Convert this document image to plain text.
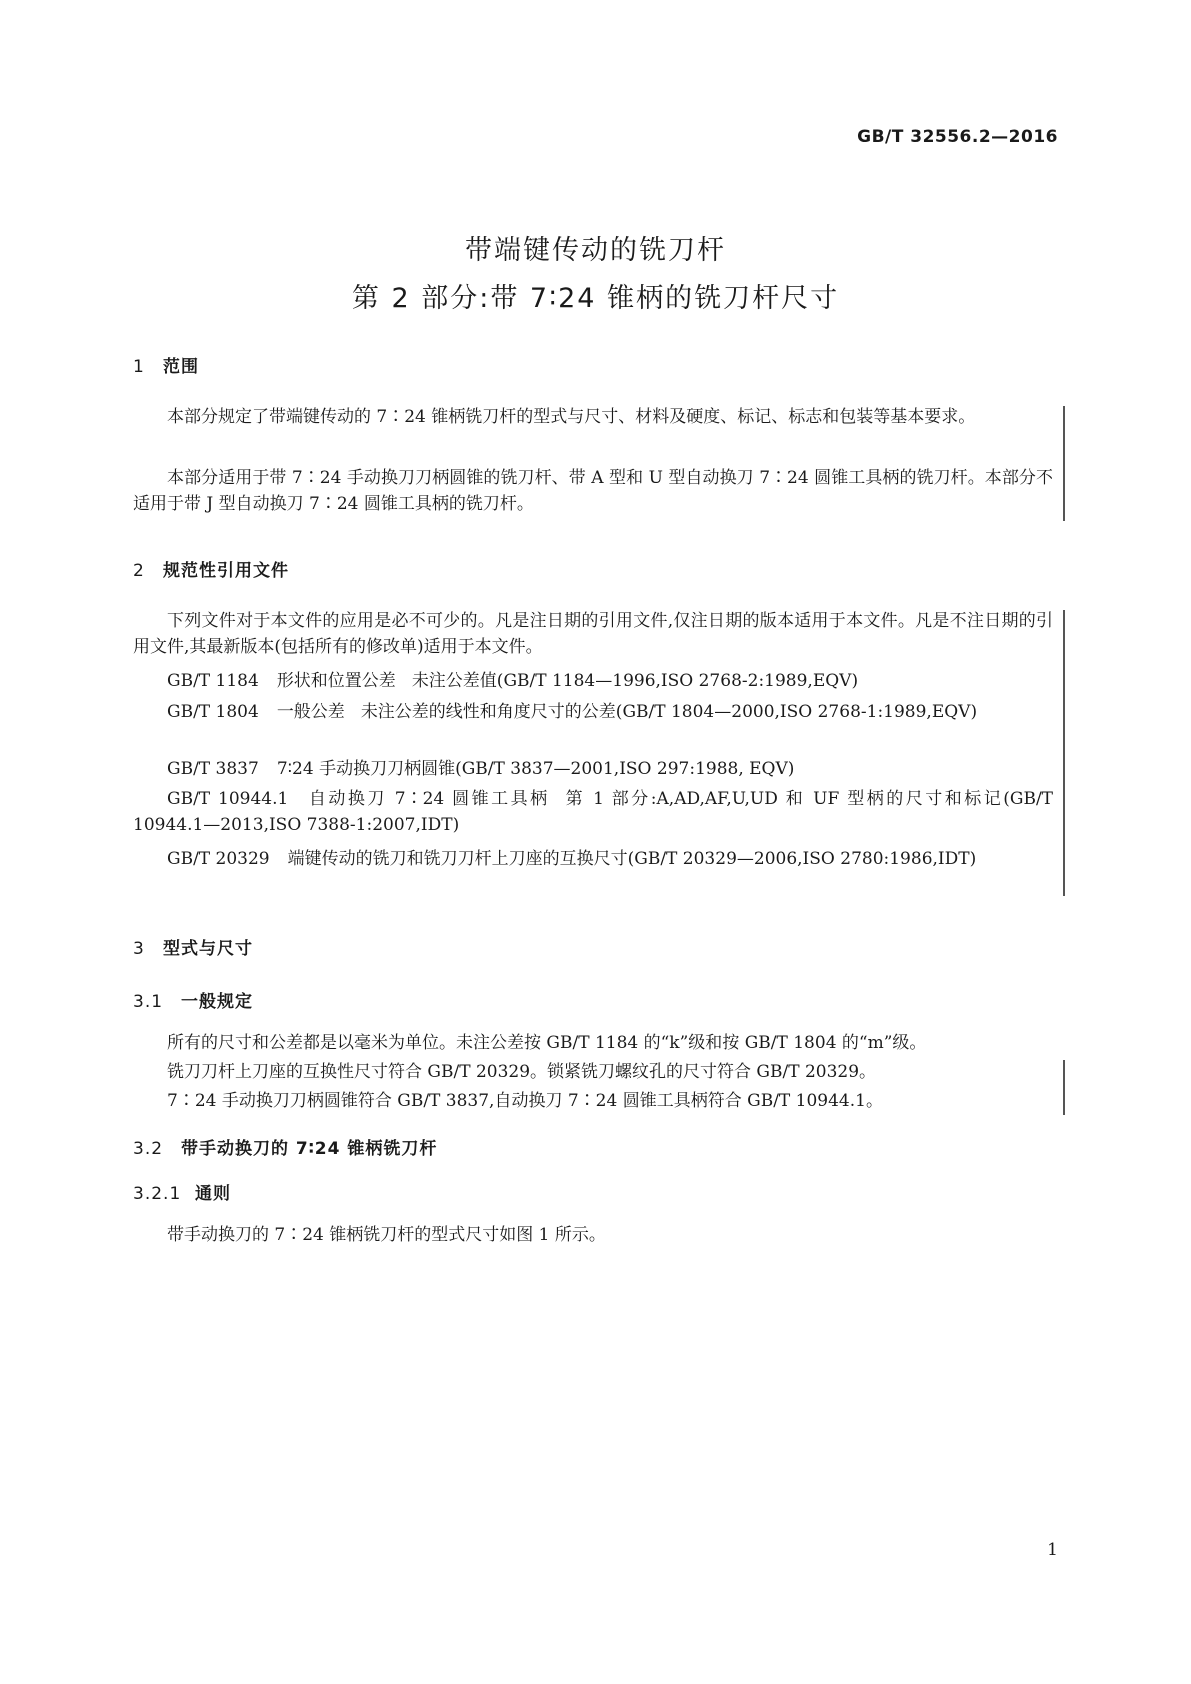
GB/T 32556.2—2016
带端键传动的铣刀杆
第 2 部分:带 7∶24 锥柄的铣刀杆尺寸
1 范围

本部分规定了带端键传动的 7∶24 锥柄铣刀杆的型式与尺寸、材料及硬度、标记、标志和包装等基本要求。

本部分适用于带 7∶24 手动换刀刀柄圆锥的铣刀杆、带 A 型和 U 型自动换刀 7∶24 圆锥工具柄的铣刀杆。本部分不适用于带 J 型自动换刀 7∶24 圆锥工具柄的铣刀杆。

2 规范性引用文件

下列文件对于本文件的应用是必不可少的。凡是注日期的引用文件,仅注日期的版本适用于本文件。凡是不注日期的引用文件,其最新版本(包括所有的修改单)适用于本文件。

GB/T 1184 形状和位置公差 未注公差值(GB/T 1184—1996,ISO 2768-2:1989,EQV)

GB/T 1804 一般公差 未注公差的线性和角度尺寸的公差(GB/T 1804—2000,ISO 2768-1:1989,EQV)

GB/T 3837 7∶24 手动换刀刀柄圆锥(GB/T 3837—2001,ISO 297:1988, EQV)

GB/T 10944.1 自动换刀 7∶24 圆锥工具柄 第 1 部分:A,AD,AF,U,UD 和 UF 型柄的尺寸和标记(GB/T 10944.1—2013,ISO 7388-1:2007,IDT)

GB/T 20329 端键传动的铣刀和铣刀刀杆上刀座的互换尺寸(GB/T 20329—2006,ISO 2780:1986,IDT)

3 型式与尺寸
3.1 一般规定

所有的尺寸和公差都是以毫米为单位。未注公差按 GB/T 1184 的“k”级和按 GB/T 1804 的“m”级。

铣刀刀杆上刀座的互换性尺寸符合 GB/T 20329。锁紧铣刀螺纹孔的尺寸符合 GB/T 20329。

7∶24 手动换刀刀柄圆锥符合 GB/T 3837,自动换刀 7∶24 圆锥工具柄符合 GB/T 10944.1。

3.2 带手动换刀的 7∶24 锥柄铣刀杆
3.2.1 通则

带手动换刀的 7∶24 锥柄铣刀杆的型式尺寸如图 1 所示。

1
